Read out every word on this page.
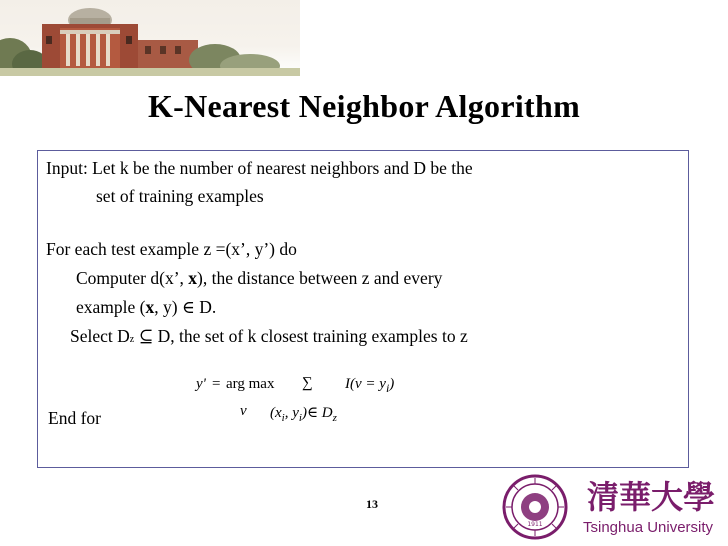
K-Nearest Neighbor Algorithm
Input: Let k be the number of nearest neighbors and D be the
set of training examples
For each test example z =(x’, y’) do
Computer d(x’, x), the distance between z and every
example (x, y) ∈ D.
Select Dz ⊆ D, the set of k closest training examples to z
y' = arg max ∑ $I(v = y_i)$
v ($x_i$, $y_i)\in$ $D_z$
End for
13
1911
清華大學
Tsinghua University
